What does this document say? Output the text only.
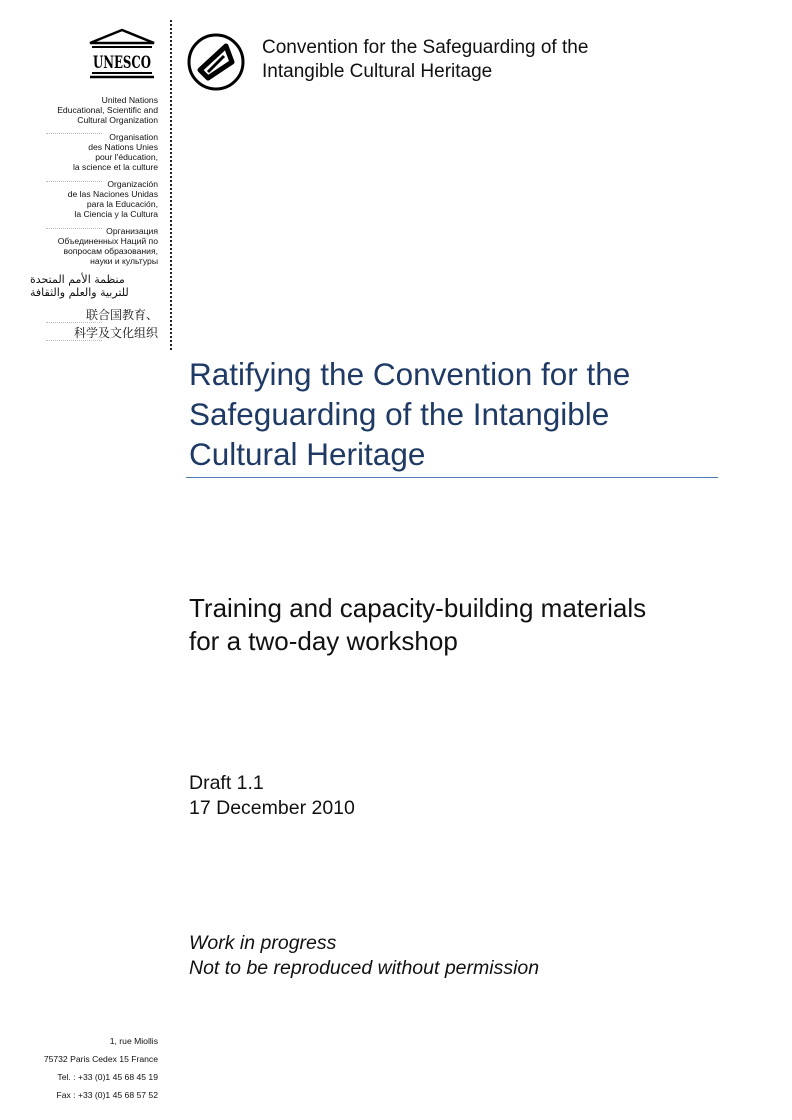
UNESCO
United Nations
Educational, Scientific and
Cultural Organization
Organisation
des Nations Unies
pour l'éducation,
la science et la culture
Organización
de las Naciones Unidas
para la Educación,
la Ciencia y la Cultura
Организация
Объединенных Наций по
вопросам образования,
науки и культуры
منظمة الأمم المتحدة
للتربية والعلم والثقافة
联合国教育、
科学及文化组织
Convention for the Safeguarding of the
Intangible Cultural Heritage
Ratifying the Convention for the
Safeguarding of the Intangible
Cultural Heritage
Training and capacity-building materials
for a two-day workshop
Draft 1.1
17 December 2010
Work in progress
Not to be reproduced without permission
1, rue Miollis
75732 Paris Cedex 15 France
Tel. : +33 (0)1 45 68 45 19
Fax : +33 (0)1 45 68 57 52
